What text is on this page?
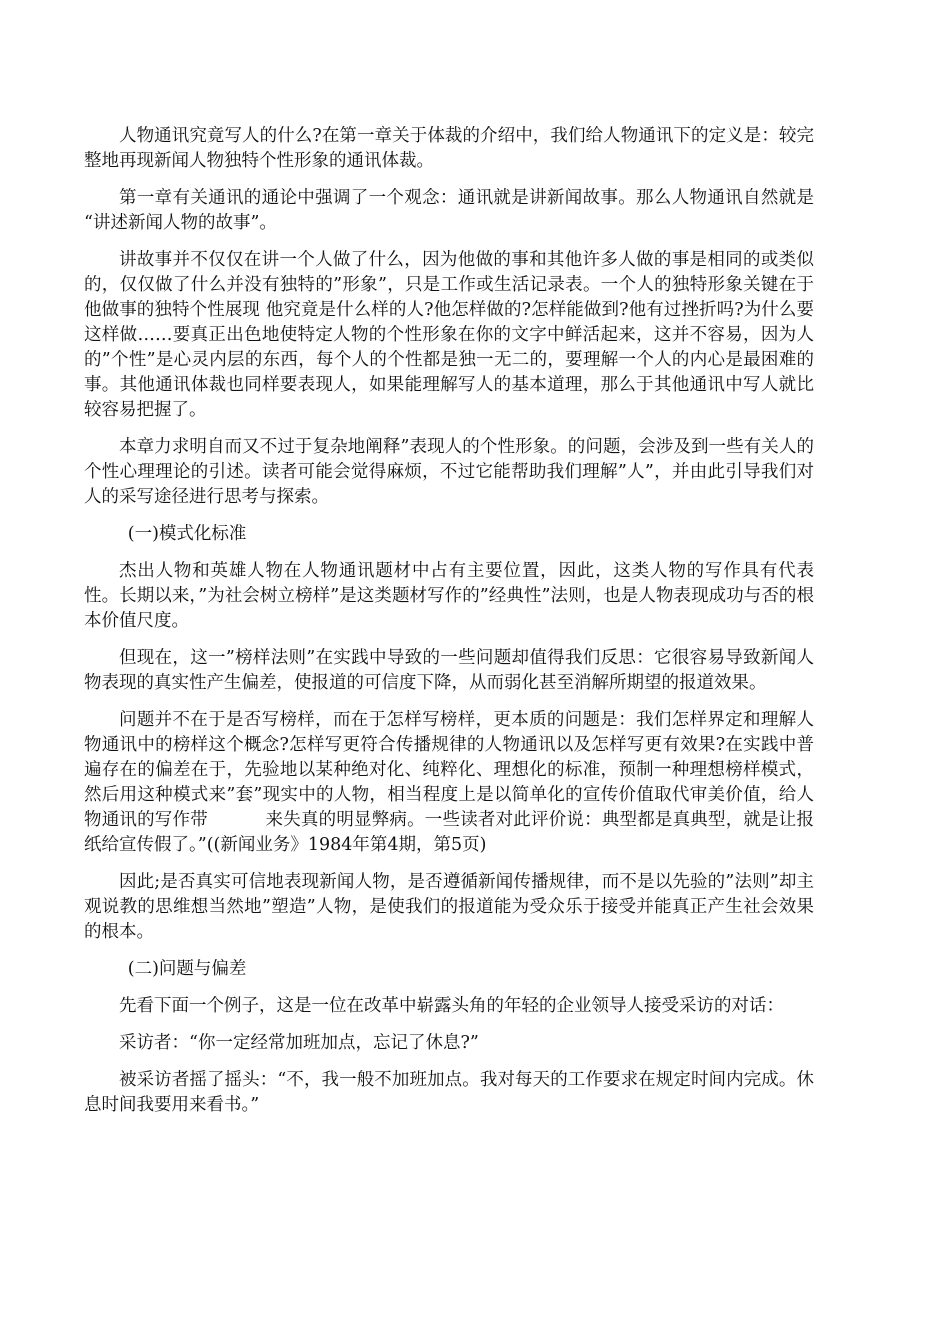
人物通讯究竟写人的什么?在第一章关于体裁的介绍中，我们给人物通讯下的定义是：较完整地再现新闻人物独特个性形象的通讯体裁。

第一章有关通讯的通论中强调了一个观念：通讯就是讲新闻故事。那么人物通讯自然就是 “讲述新闻人物的故事”。

讲故事并不仅仅在讲一个人做了什么，因为他做的事和其他许多人做的事是相同的或类似的，仅仅做了什么并没有独特的”形象”，只是工作或生活记录表。一个人的独特形象关键在于他做事的独特个性展现 他究竟是什么样的人?他怎样做的?怎样能做到?他有过挫折吗?为什么要这样做……要真正出色地使特定人物的个性形象在你的文字中鲜活起来，这并不容易，因为人的”个性”是心灵内层的东西，每个人的个性都是独一无二的，要理解一个人的内心是最困难的事。其他通讯体裁也同样要表现人，如果能理解写人的基本道理，那么于其他通讯中写人就比较容易把握了。

本章力求明自而又不过于复杂地阐释”表现人的个性形象。的问题，会涉及到一些有关人的个性心理理论的引述。读者可能会觉得麻烦，不过它能帮助我们理解”人”，并由此引导我们对人的采写途径进行思考与探索。

(一)模式化标准

杰出人物和英雄人物在人物通讯题材中占有主要位置，因此，这类人物的写作具有代表性。长期以来，”为社会树立榜样”是这类题材写作的”经典性”法则，也是人物表现成功与否的根本价值尺度。

但现在，这一”榜样法则”在实践中导致的一些问题却值得我们反思：它很容易导致新闻人物表现的真实性产生偏差，使报道的可信度下降，从而弱化甚至消解所期望的报道效果。

问题并不在于是否写榜样，而在于怎样写榜样，更本质的问题是：我们怎样界定和理解人物通讯中的榜样这个概念?怎样写更符合传播规律的人物通讯以及怎样写更有效果?在实践中普遍存在的偏差在于，先验地以某种绝对化、纯粹化、理想化的标准，预制一种理想榜样模式，然后用这种模式来”套”现实中的人物，相当程度上是以简单化的宣传价值取代审美价值，给人物通讯的写作带          来失真的明显弊病。一些读者对此评价说：典型都是真典型，就是让报纸给宣传假了。”((新闻业务》1984年第4期，第5页)

因此;是否真实可信地表现新闻人物，是否遵循新闻传播规律，而不是以先验的”法则”却主观说教的思维想当然地”塑造”人物，是使我们的报道能为受众乐于接受并能真正产生社会效果的根本。

(二)问题与偏差

先看下面一个例子，这是一位在改革中崭露头角的年轻的企业领导人接受采访的对话：

采访者：“你一定经常加班加点，忘记了休息?”

被采访者摇了摇头：“不，我一般不加班加点。我对每天的工作要求在规定时间内完成。休息时间我要用来看书。”
